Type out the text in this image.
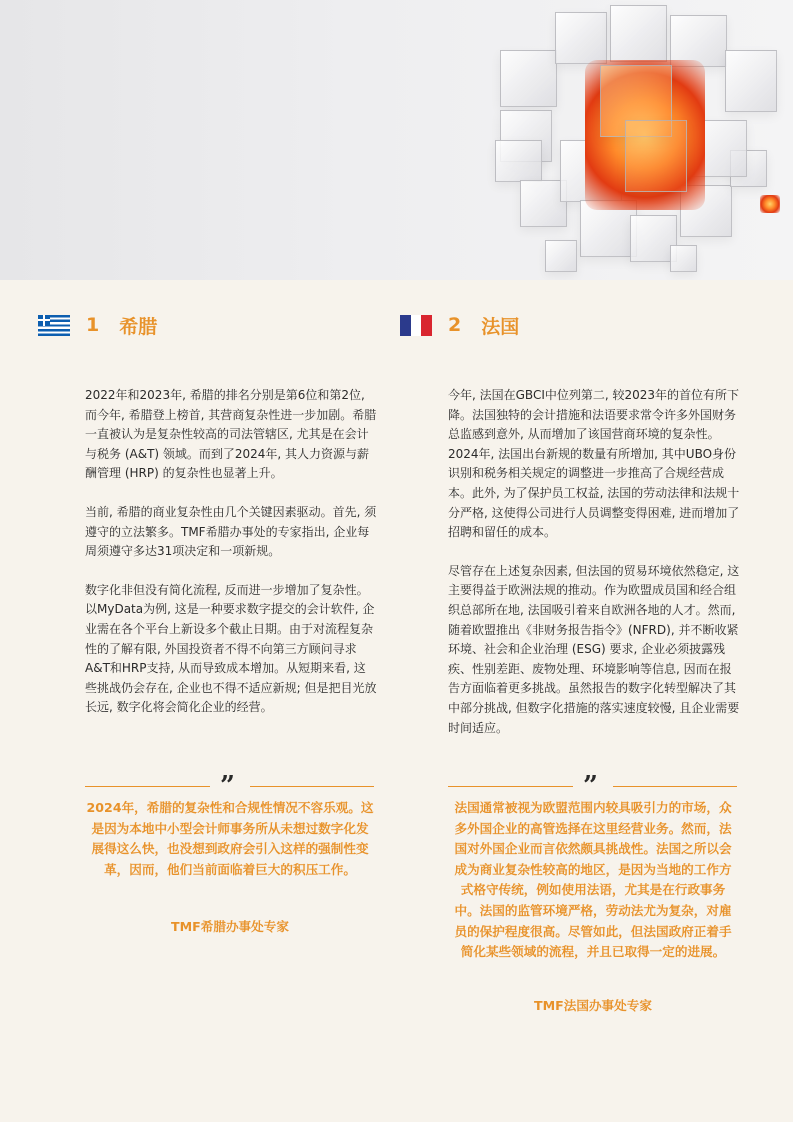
1 希腊	2 法国

2022年和2023年, 希腊的排名分别是第6位和第2位, 而今年, 希腊登上榜首, 其营商复杂性进一步加剧。希腊一直被认为是复杂性较高的司法管辖区, 尤其是在会计与税务 (A&T) 领域。而到了2024年, 其人力资源与薪酬管理 (HRP) 的复杂性也显著上升。

当前, 希腊的商业复杂性由几个关键因素驱动。首先, 须遵守的立法繁多。TMF希腊办事处的专家指出, 企业每周须遵守多达31项决定和一项新规。

数字化非但没有简化流程, 反而进一步增加了复杂性。以MyData为例, 这是一种要求数字提交的会计软件, 企业需在各个平台上新设多个截止日期。由于对流程复杂性的了解有限, 外国投资者不得不向第三方顾问寻求A&T和HRP支持, 从而导致成本增加。从短期来看, 这些挑战仍会存在, 企业也不得不适应新规; 但是把目光放长远, 数字化将会简化企业的经营。

今年, 法国在GBCI中位列第二, 较2023年的首位有所下降。法国独特的会计措施和法语要求常令许多外国财务总监感到意外, 从而增加了该国营商环境的复杂性。2024年, 法国出台新规的数量有所增加, 其中UBO身份识别和税务相关规定的调整进一步推高了合规经营成本。此外, 为了保护员工权益, 法国的劳动法律和法规十分严格, 这使得公司进行人员调整变得困难, 进而增加了招聘和留任的成本。

尽管存在上述复杂因素, 但法国的贸易环境依然稳定, 这主要得益于欧洲法规的推动。作为欧盟成员国和经合组织总部所在地, 法国吸引着来自欧洲各地的人才。然而, 随着欧盟推出《非财务报告指令》(NFRD), 并不断收紧环境、社会和企业治理 (ESG) 要求, 企业必须披露残疾、性别差距、废物处理、环境影响等信息, 因而在报告方面临着更多挑战。虽然报告的数字化转型解决了其中部分挑战, 但数字化措施的落实速度较慢, 且企业需要时间适应。

”
2024年，希腊的复杂性和合规性情况不容乐观。这是因为本地中小型会计师事务所从未想过数字化发展得这么快，也没想到政府会引入这样的强制性变革，因而，他们当前面临着巨大的积压工作。
TMF希腊办事处专家
”
法国通常被视为欧盟范围内较具吸引力的市场，众多外国企业的高管选择在这里经营业务。然而，法国对外国企业而言依然颇具挑战性。法国之所以会成为商业复杂性较高的地区，是因为当地的工作方式格守传统，例如使用法语，尤其是在行政事务中。法国的监管环境严格，劳动法尤为复杂，对雇员的保护程度很高。尽管如此，但法国政府正着手简化某些领域的流程，并且已取得一定的进展。
TMF法国办事处专家
